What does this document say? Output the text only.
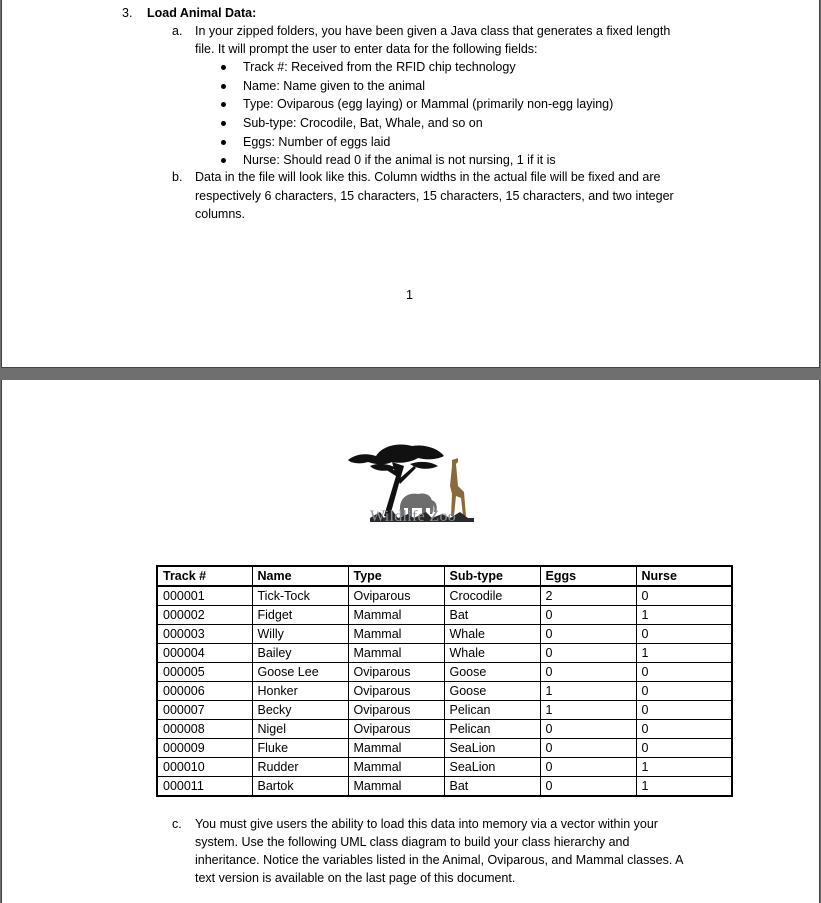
3. Load Animal Data:
a. In your zipped folders, you have been given a Java class that generates a fixed length
file. It will prompt the user to enter data for the following fields:
Track #: Received from the RFID chip technology
Name: Name given to the animal
Type: Oviparous (egg laying) or Mammal (primarily non-egg laying)
Sub-type: Crocodile, Bat, Whale, and so on
Eggs: Number of eggs laid
Nurse: Should read 0 if the animal is not nursing, 1 if it is
b. Data in the file will look like this. Column widths in the actual file will be fixed and are
respectively 6 characters, 15 characters, 15 characters, 15 characters, and two integer
columns.
1
Wildlife Zoo
Track #	Name	Type	Sub-type	Eggs	Nurse
000001	Tick-Tock	Oviparous	Crocodile	2	0
000002	Fidget	Mammal	Bat	0	1
000003	Willy	Mammal	Whale	0	0
000004	Bailey	Mammal	Whale	0	1
000005	Goose Lee	Oviparous	Goose	0	0
000006	Honker	Oviparous	Goose	1	0
000007	Becky	Oviparous	Pelican	1	0
000008	Nigel	Oviparous	Pelican	0	0
000009	Fluke	Mammal	SeaLion	0	0
000010	Rudder	Mammal	SeaLion	0	1
000011	Bartok	Mammal	Bat	0	1
c. You must give users the ability to load this data into memory via a vector within your
system. Use the following UML class diagram to build your class hierarchy and
inheritance. Notice the variables listed in the Animal, Oviparous, and Mammal classes. A
text version is available on the last page of this document.
